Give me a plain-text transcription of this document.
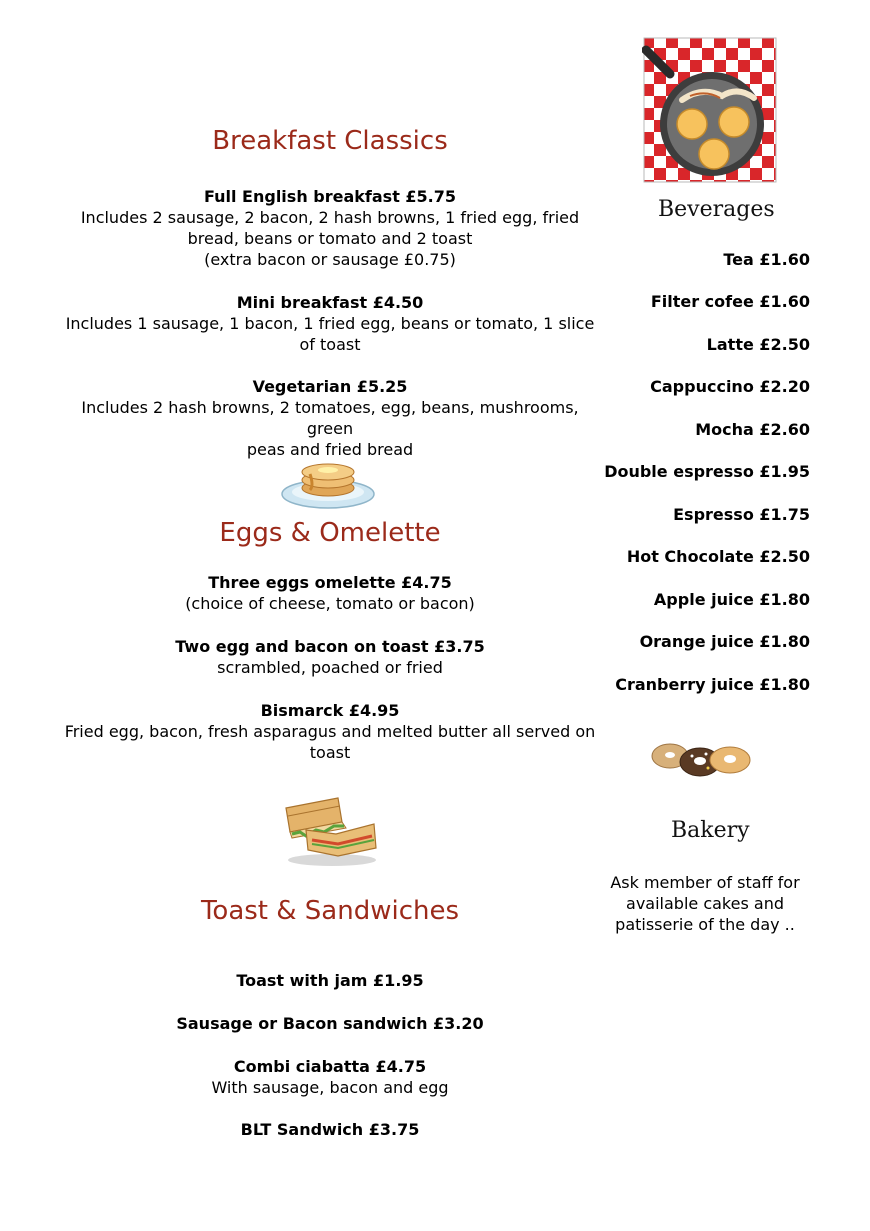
Breakfast Classics
Full English breakfast £5.75
Includes 2 sausage, 2 bacon, 2 hash browns, 1 fried egg, fried
bread, beans or tomato and 2 toast
(extra bacon or sausage £0.75)
Mini breakfast £4.50
Includes 1 sausage, 1 bacon, 1 fried egg, beans or tomato, 1 slice
of toast
Vegetarian £5.25
Includes 2 hash browns, 2 tomatoes, egg, beans, mushrooms, green
peas and fried bread
Eggs & Omelette
Three eggs omelette £4.75
(choice of cheese, tomato or bacon)
Two egg and bacon on toast £3.75
scrambled, poached or fried
Bismarck £4.95
Fried egg, bacon, fresh asparagus and melted butter all served on
toast
Toast & Sandwiches
Toast with jam £1.95
Sausage or Bacon sandwich £3.20
Combi ciabatta £4.75
With sausage, bacon and egg
BLT Sandwich £3.75
Beverages
Tea £1.60
Filter cofee £1.60
Latte £2.50
Cappuccino £2.20
Mocha £2.60
Double espresso £1.95
Espresso £1.75
Hot Chocolate £2.50
Apple juice £1.80
Orange juice £1.80
Cranberry juice £1.80
Bakery
Ask member of staff for
available cakes and
patisserie of the day ..
